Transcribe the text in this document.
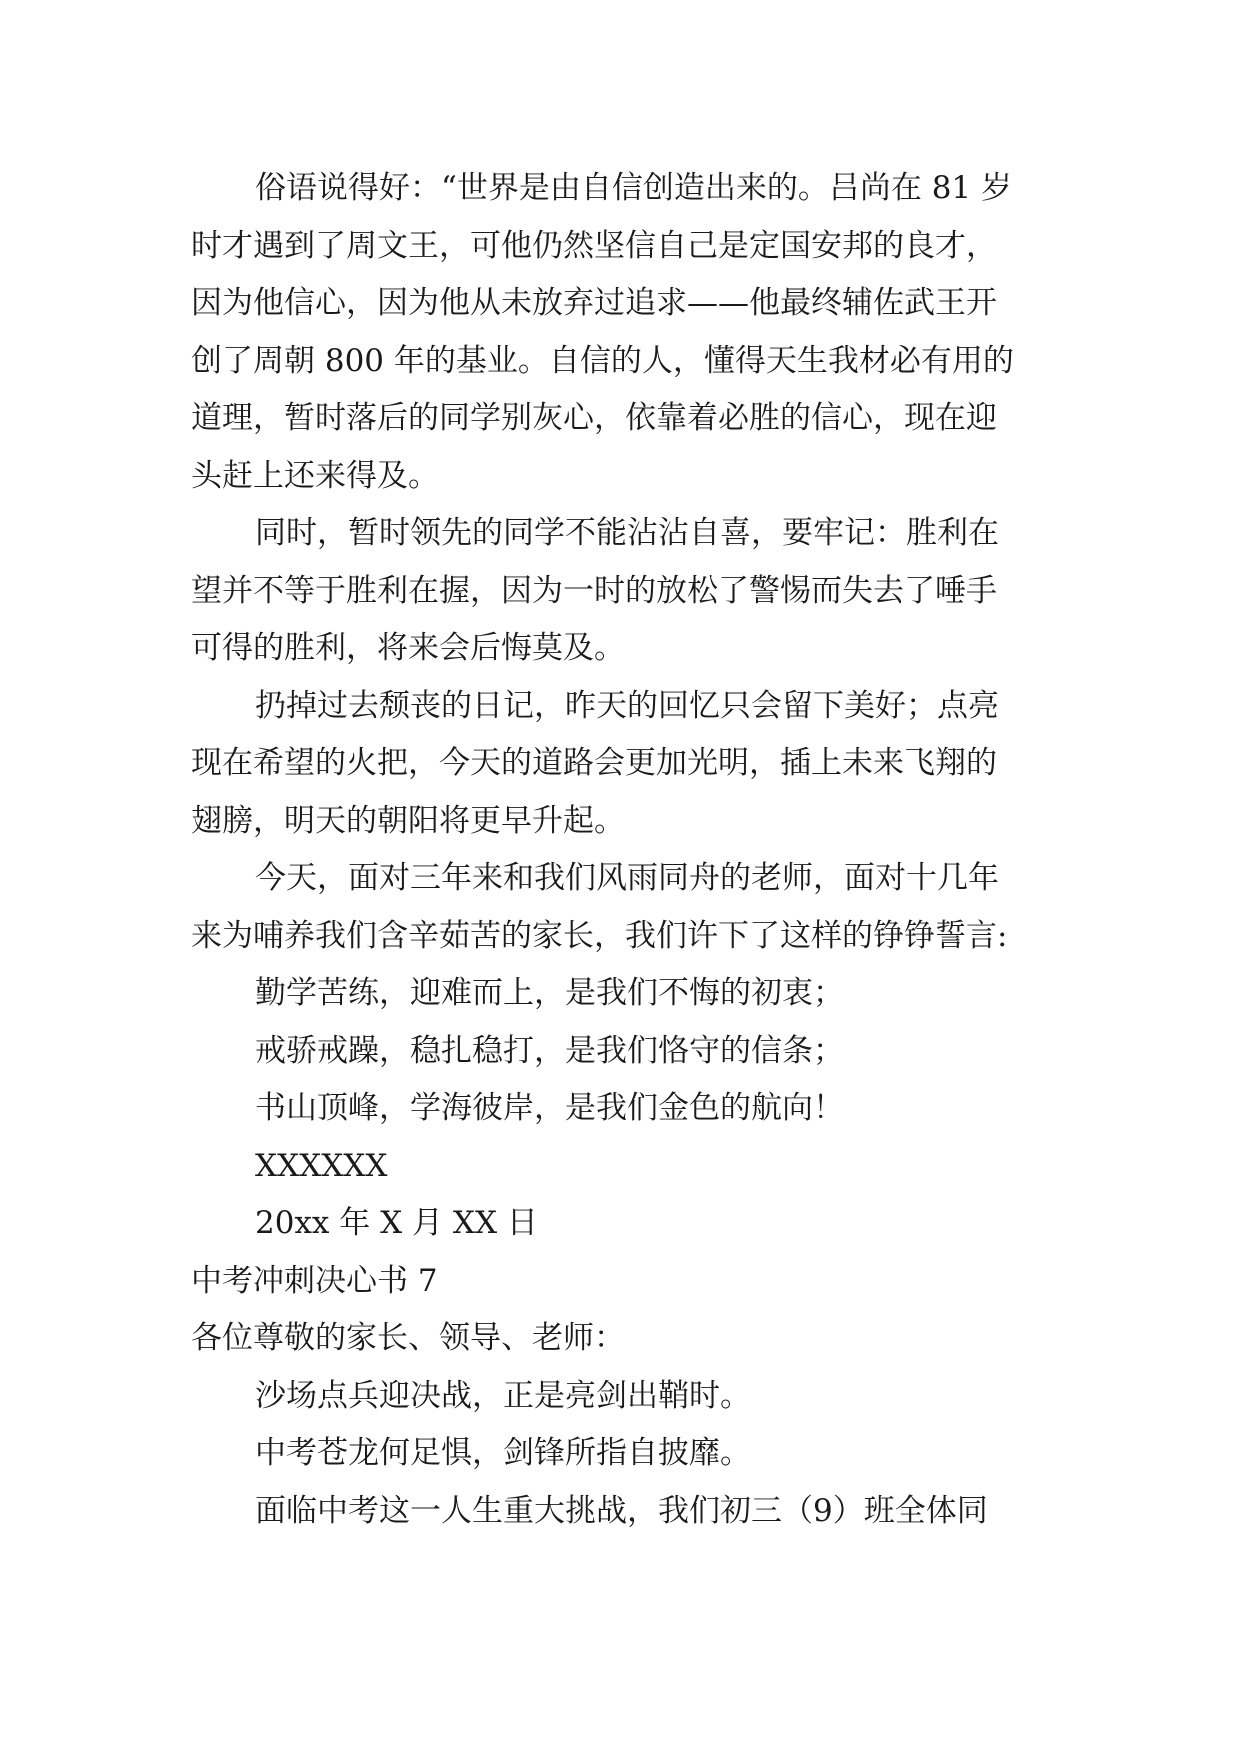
俗语说得好：“世界是由自信创造出来的。吕尚在 81 岁

时才遇到了周文王，可他仍然坚信自己是定国安邦的良才，

因为他信心，因为他从未放弃过追求——他最终辅佐武王开

创了周朝 800 年的基业。自信的人，懂得天生我材必有用的

道理，暂时落后的同学别灰心，依靠着必胜的信心，现在迎

头赶上还来得及。

同时，暂时领先的同学不能沾沾自喜，要牢记：胜利在

望并不等于胜利在握，因为一时的放松了警惕而失去了唾手

可得的胜利，将来会后悔莫及。

扔掉过去颓丧的日记，昨天的回忆只会留下美好；点亮

现在希望的火把，今天的道路会更加光明，插上未来飞翔的

翅膀，明天的朝阳将更早升起。

今天，面对三年来和我们风雨同舟的老师，面对十几年

来为哺养我们含辛茹苦的家长，我们许下了这样的铮铮誓言:

勤学苦练，迎难而上，是我们不悔的初衷；

戒骄戒躁，稳扎稳打，是我们恪守的信条；

书山顶峰，学海彼岸，是我们金色的航向！

XXXXXX

20xx 年 X 月 XX 日

中考冲刺决心书 7

各位尊敬的家长、领导、老师：

沙场点兵迎决战，正是亮剑出鞘时。

中考苍龙何足惧，剑锋所指自披靡。

面临中考这一人生重大挑战，我们初三（9）班全体同
